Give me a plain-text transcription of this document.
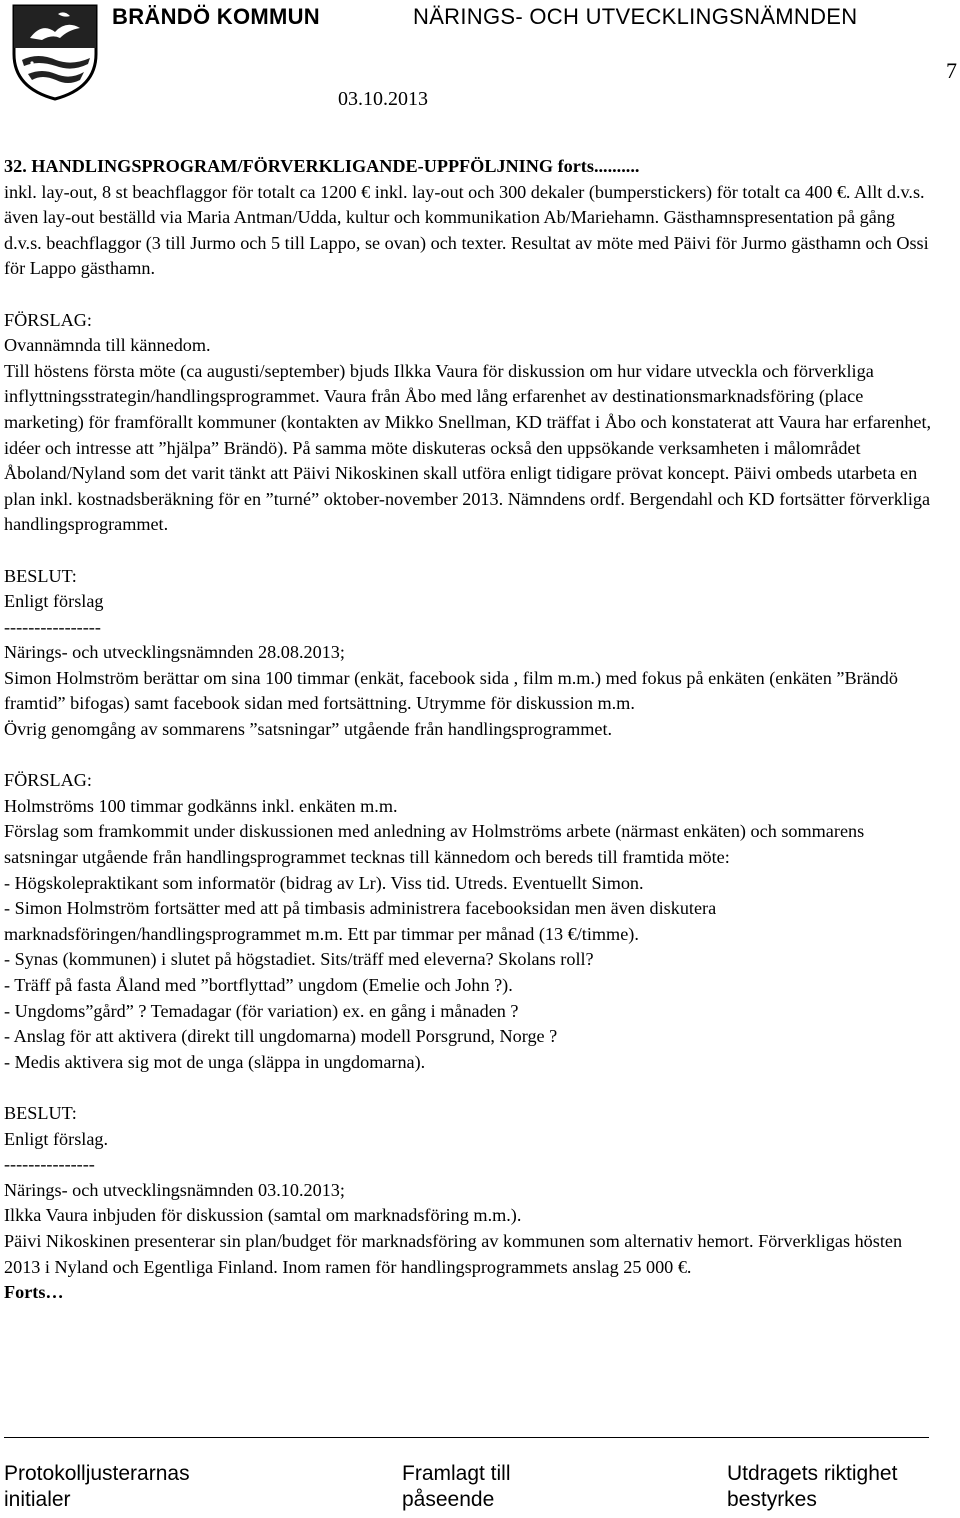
BRÄNDÖ KOMMUN	NÄRINGS- OCH UTVECKLINGSNÄMNDEN
03.10.2013
7

32. HANDLINGSPROGRAM/FÖRVERKLIGANDE-UPPFÖLJNING forts..........

inkl. lay-out, 8 st beachflaggor för totalt ca 1200 € inkl. lay-out och 300 dekaler (bumperstickers) för totalt ca 400 €. Allt d.v.s. även lay-out beställd via Maria Antman/Udda, kultur och kommunikation Ab/Mariehamn. Gästhamnspresentation på gång d.v.s. beachflaggor (3 till Jurmo och 5 till Lappo, se ovan) och texter. Resultat av möte med Päivi för Jurmo gästhamn och Ossi för Lappo gästhamn.

FÖRSLAG:

Ovannämnda till kännedom.

Till höstens första möte (ca augusti/september) bjuds Ilkka Vaura för diskussion om hur vidare utveckla och förverkliga inflyttningsstrategin/handlingsprogrammet. Vaura från Åbo med lång erfarenhet av destinationsmarknadsföring (place marketing) för framförallt kommuner (kontakten av Mikko Snellman, KD träffat i Åbo och konstaterat att Vaura har erfarenhet, idéer och intresse att ”hjälpa” Brändö). På samma möte diskuteras också den uppsökande verksamheten i målområdet Åboland/Nyland som det varit tänkt att Päivi Nikoskinen skall utföra enligt tidigare prövat koncept. Päivi ombeds utarbeta en plan inkl. kostnadsberäkning för en ”turné” oktober-november 2013. Nämndens ordf. Bergendahl och KD fortsätter förverkliga handlingsprogrammet.

BESLUT:

Enligt förslag

----------------

Närings- och utvecklingsnämnden 28.08.2013;

Simon Holmström berättar om sina 100 timmar (enkät, facebook sida , film m.m.) med fokus på enkäten (enkäten ”Brändö framtid” bifogas) samt facebook sidan med fortsättning. Utrymme för diskussion m.m.

Övrig genomgång av sommarens ”satsningar” utgående från handlingsprogrammet.

FÖRSLAG:

Holmströms 100 timmar godkänns inkl. enkäten m.m.

Förslag som framkommit under diskussionen med anledning av Holmströms arbete (närmast enkäten) och sommarens satsningar utgående från handlingsprogrammet tecknas till kännedom och bereds till framtida möte:

- Högskolepraktikant som informatör (bidrag av Lr). Viss tid. Utreds. Eventuellt Simon.

- Simon Holmström fortsätter med att på timbasis administrera facebooksidan men även diskutera marknadsföringen/handlingsprogrammet m.m. Ett par timmar per månad (13 €/timme).

- Synas (kommunen) i slutet på högstadiet. Sits/träff med eleverna? Skolans roll?

- Träff på fasta Åland med ”bortflyttad” ungdom (Emelie och John ?).

- Ungdoms”gård” ? Temadagar (för variation) ex. en gång i månaden ?

- Anslag för att aktivera (direkt till ungdomarna) modell Porsgrund, Norge ?

- Medis aktivera sig mot de unga (släppa in ungdomarna).

BESLUT:

Enligt förslag.

---------------

Närings- och utvecklingsnämnden 03.10.2013;

Ilkka Vaura inbjuden för diskussion (samtal om marknadsföring m.m.).

Päivi Nikoskinen presenterar sin plan/budget för marknadsföring av kommunen som alternativ hemort. Förverkligas hösten 2013 i Nyland och Egentliga Finland. Inom ramen för handlingsprogrammets anslag 25 000 €.

Forts…

Protokolljusterarnas
initialer
Framlagt till
påseende
Utdragets riktighet
bestyrkes
